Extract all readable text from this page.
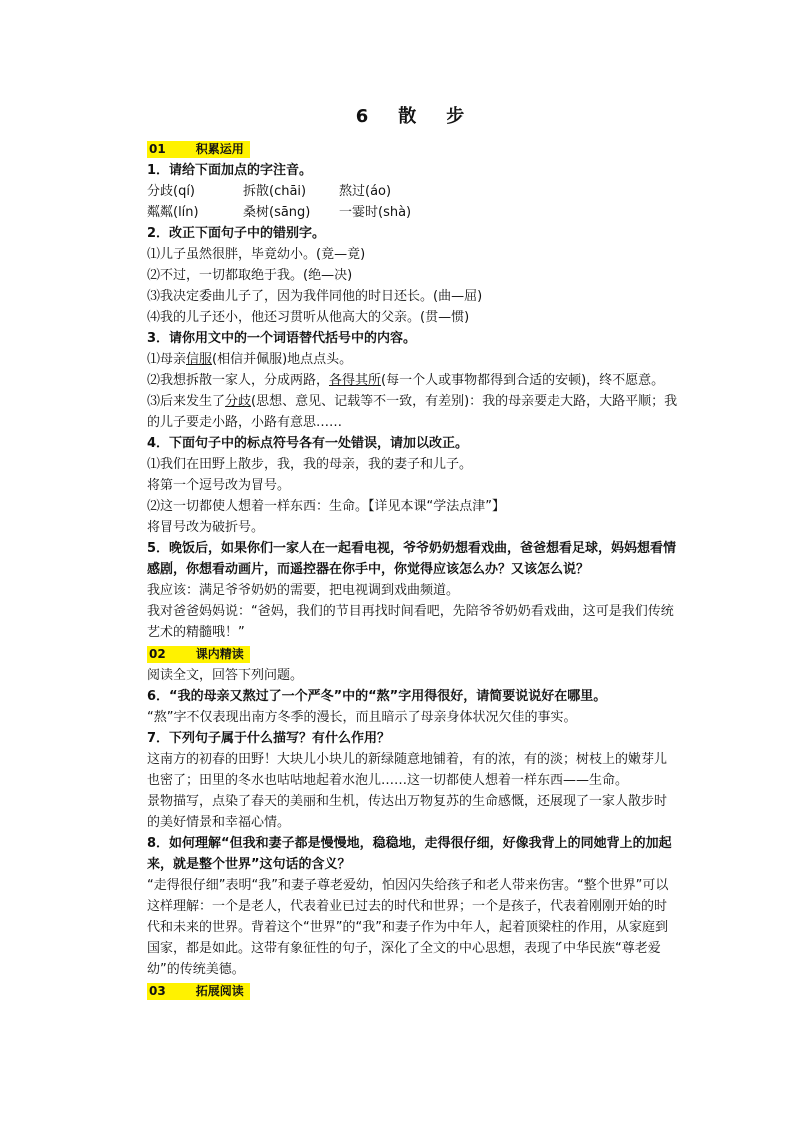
6　散　步
01	积累运用
1．请给下面加点的字注音。
分歧(qí)	拆散(chāi)	熬过(áo)
粼粼(lín)	桑树(sāng) 一霎时(shà)
2．改正下面句子中的错别字。
⑴儿子虽然很胖，毕竟幼小。(竟—竟)
⑵不过，一切都取绝于我。(绝—决)
⑶我决定委曲儿子了，因为我伴同他的时日还长。(曲—屈)
⑷我的儿子还小，他还习贯听从他高大的父亲。(贯—惯)
3．请你用文中的一个词语替代括号中的内容。
⑴母亲信服(相信并佩服)地点点头。
⑵我想拆散一家人，分成两路，各得其所(每一个人或事物都得到合适的安顿)，终不愿意。
⑶后来发生了分歧(思想、意见、记载等不一致，有差别)：我的母亲要走大路，大路平顺；我的儿子要走小路，小路有意思……
4．下面句子中的标点符号各有一处错误，请加以改正。
⑴我们在田野上散步，我，我的母亲，我的妻子和儿子。
将第一个逗号改为冒号。
⑵这一切都使人想着一样东西：生命。【详见本课“学法点津”】
将冒号改为破折号。
5．晚饭后，如果你们一家人在一起看电视，爷爷奶奶想看戏曲，爸爸想看足球，妈妈想看情感剧，你想看动画片，而遥控器在你手中，你觉得应该怎么办？又该怎么说？
我应该：满足爷爷奶奶的需要，把电视调到戏曲频道。
我对爸爸妈妈说：“爸妈，我们的节目再找时间看吧，先陪爷爷奶奶看戏曲，这可是我们传统艺术的精髓哦！”
02	课内精读
阅读全文，回答下列问题。
6．“我的母亲又熬过了一个严冬”中的“熬”字用得很好，请简要说说好在哪里。
“熬”字不仅表现出南方冬季的漫长，而且暗示了母亲身体状况欠佳的事实。
7．下列句子属于什么描写？有什么作用？
这南方的初春的田野！大块儿小块儿的新绿随意地铺着，有的浓，有的淡；树枝上的嫩芽儿也密了；田里的冬水也咕咕地起着水泡儿……这一切都使人想着一样东西——生命。
景物描写，点染了春天的美丽和生机，传达出万物复苏的生命感慨，还展现了一家人散步时的美好情景和幸福心情。
8．如何理解“但我和妻子都是慢慢地，稳稳地，走得很仔细，好像我背上的同她背上的加起来，就是整个世界”这句话的含义？
“走得很仔细”表明“我”和妻子尊老爱幼，怕因闪失给孩子和老人带来伤害。“整个世界”可以这样理解：一个是老人，代表着业已过去的时代和世界；一个是孩子，代表着刚刚开始的时代和未来的世界。背着这个“世界”的“我”和妻子作为中年人，起着顶梁柱的作用，从家庭到国家，都是如此。这带有象征性的句子，深化了全文的中心思想，表现了中华民族“尊老爱幼”的传统美德。
03	拓展阅读
